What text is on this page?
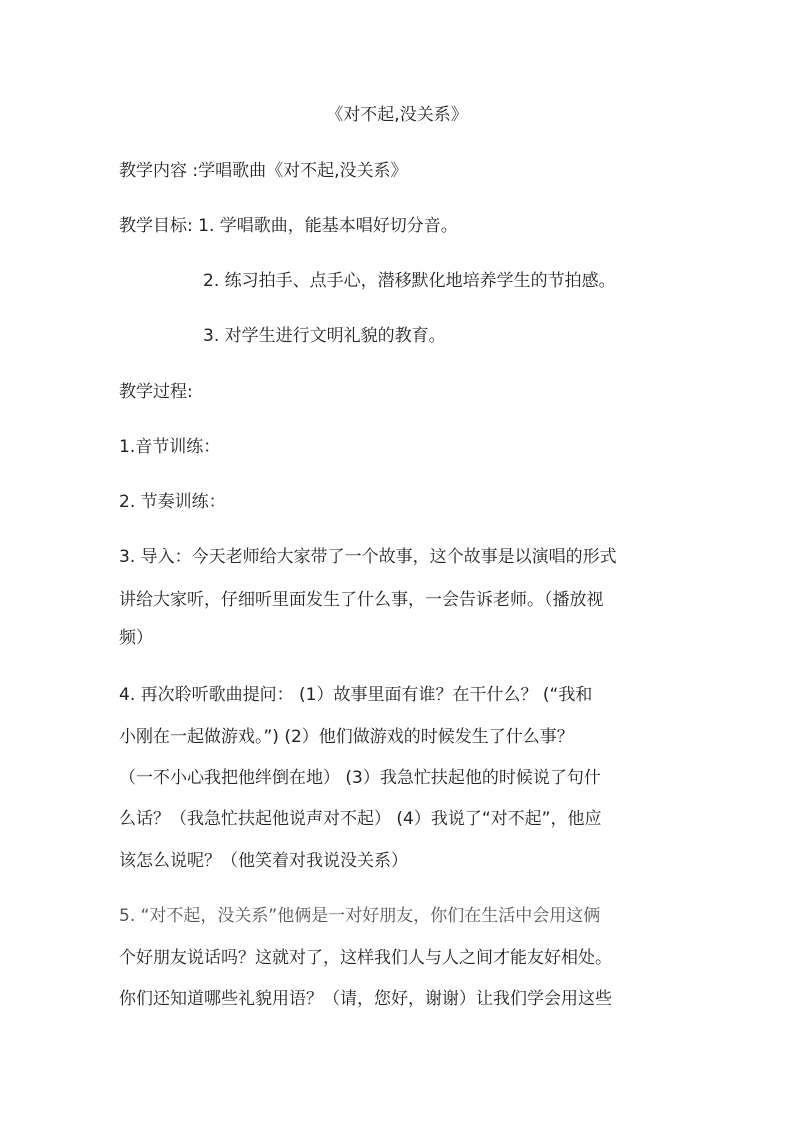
《对不起,没关系》
教学内容 :学唱歌曲《对不起,没关系》
教学目标: 1. 学唱歌曲，能基本唱好切分音。
2. 练习拍手、点手心，潜移默化地培养学生的节拍感。
3. 对学生进行文明礼貌的教育。
教学过程:
1.音节训练：
2. 节奏训练：
3. 导入：今天老师给大家带了一个故事，这个故事是以演唱的形式
讲给大家听，仔细听里面发生了什么事，一会告诉老师。（播放视
频）
4. 再次聆听歌曲提问： (1）故事里面有谁？在干什么？ (“我和
小刚在一起做游戏。”) (2）他们做游戏的时候发生了什么事？
（一不小心我把他绊倒在地） (3）我急忙扶起他的时候说了句什
么话？（我急忙扶起他说声对不起） (4）我说了“对不起”，他应
该怎么说呢？（他笑着对我说没关系）
5. “对不起，没关系”他俩是一对好朋友，你们在生活中会用这俩
个好朋友说话吗？这就对了，这样我们人与人之间才能友好相处。
你们还知道哪些礼貌用语？（请，您好，谢谢）让我们学会用这些
